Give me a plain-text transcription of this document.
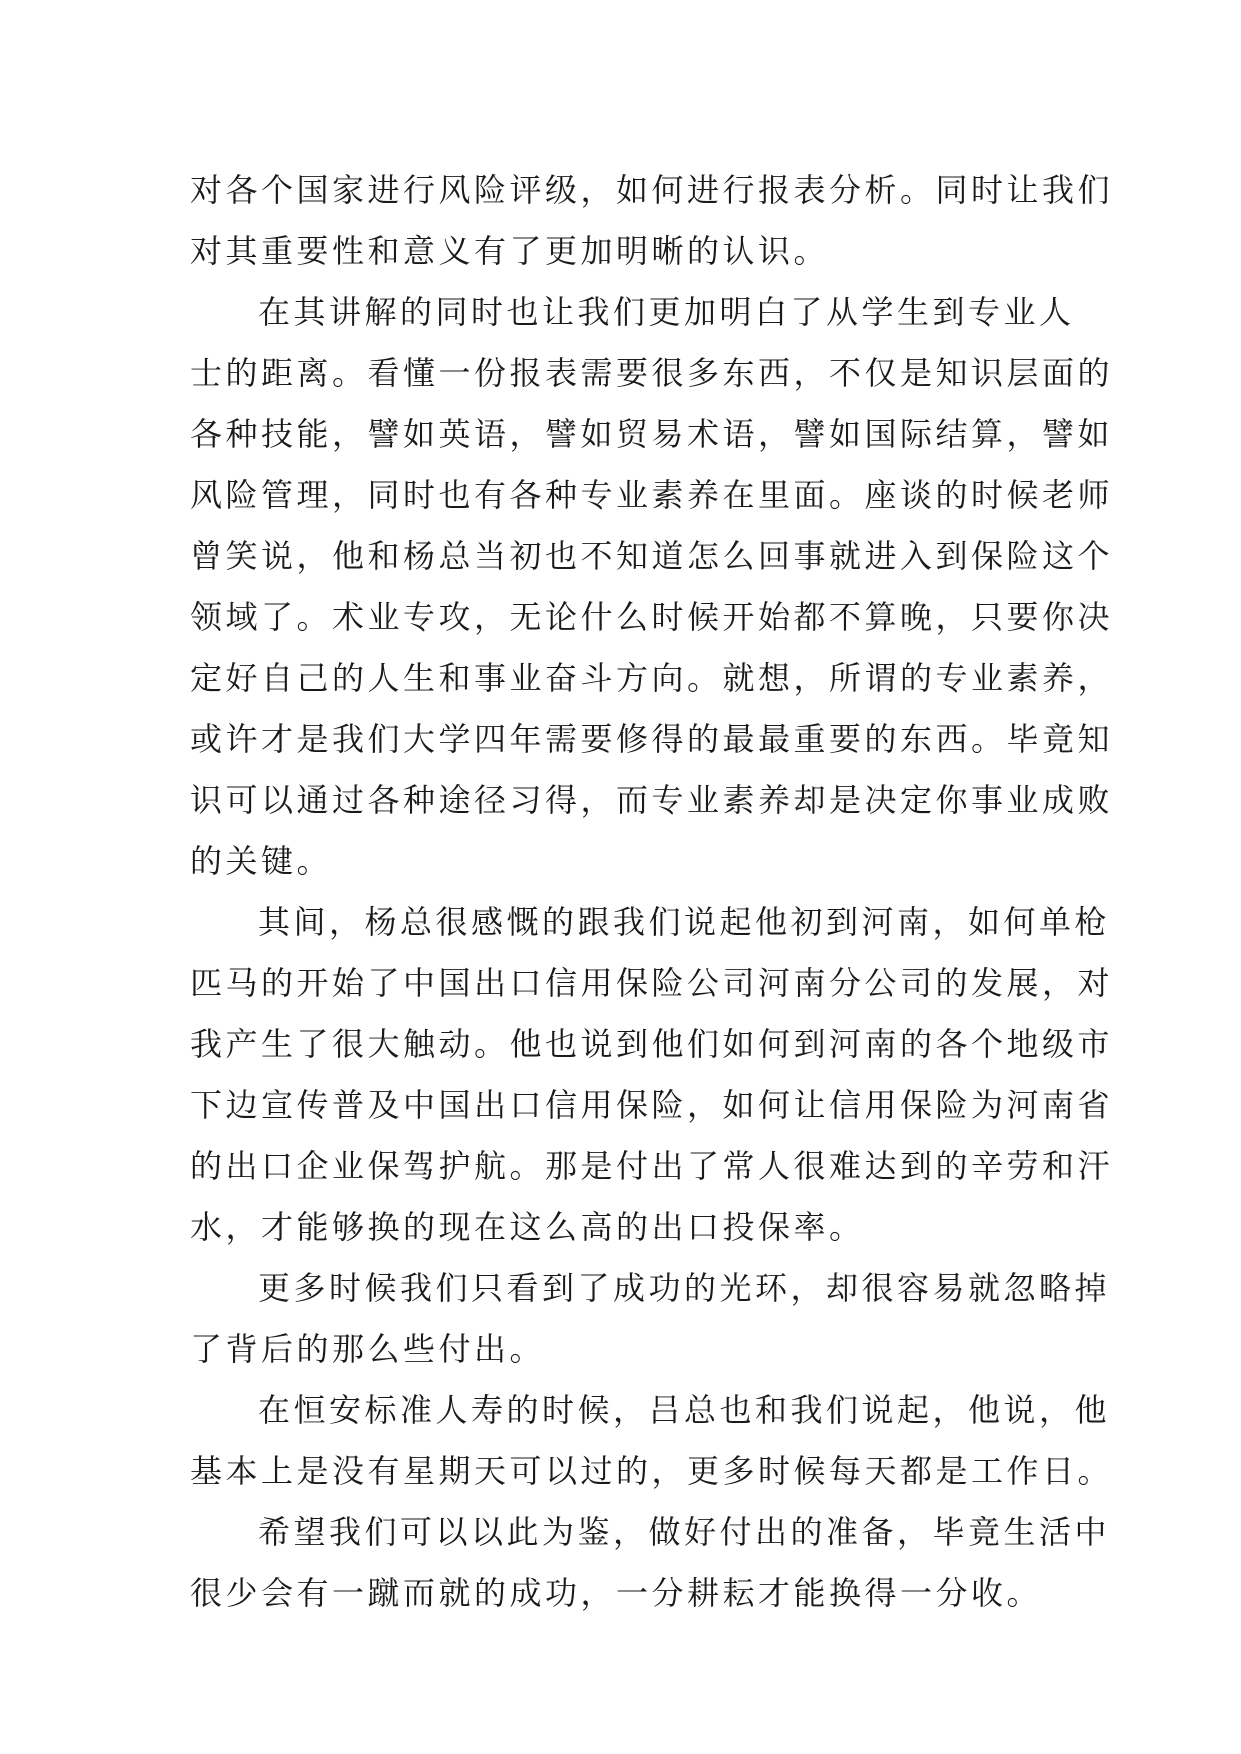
对各个国家进行风险评级，如何进行报表分析。同时让我们
对其重要性和意义有了更加明晰的认识。
在其讲解的同时也让我们更加明白了从学生到专业人
士的距离。看懂一份报表需要很多东西，不仅是知识层面的
各种技能，譬如英语，譬如贸易术语，譬如国际结算，譬如
风险管理，同时也有各种专业素养在里面。座谈的时候老师
曾笑说，他和杨总当初也不知道怎么回事就进入到保险这个
领域了。术业专攻，无论什么时候开始都不算晚，只要你决
定好自己的人生和事业奋斗方向。就想，所谓的专业素养，
或许才是我们大学四年需要修得的最最重要的东西。毕竟知
识可以通过各种途径习得，而专业素养却是决定你事业成败
的关键。
其间，杨总很感慨的跟我们说起他初到河南，如何单枪
匹马的开始了中国出口信用保险公司河南分公司的发展，对
我产生了很大触动。他也说到他们如何到河南的各个地级市
下边宣传普及中国出口信用保险，如何让信用保险为河南省
的出口企业保驾护航。那是付出了常人很难达到的辛劳和汗
水，才能够换的现在这么高的出口投保率。
更多时候我们只看到了成功的光环，却很容易就忽略掉
了背后的那么些付出。
在恒安标准人寿的时候，吕总也和我们说起，他说，他
基本上是没有星期天可以过的，更多时候每天都是工作日。
希望我们可以以此为鉴，做好付出的准备，毕竟生活中
很少会有一蹴而就的成功，一分耕耘才能换得一分收。
